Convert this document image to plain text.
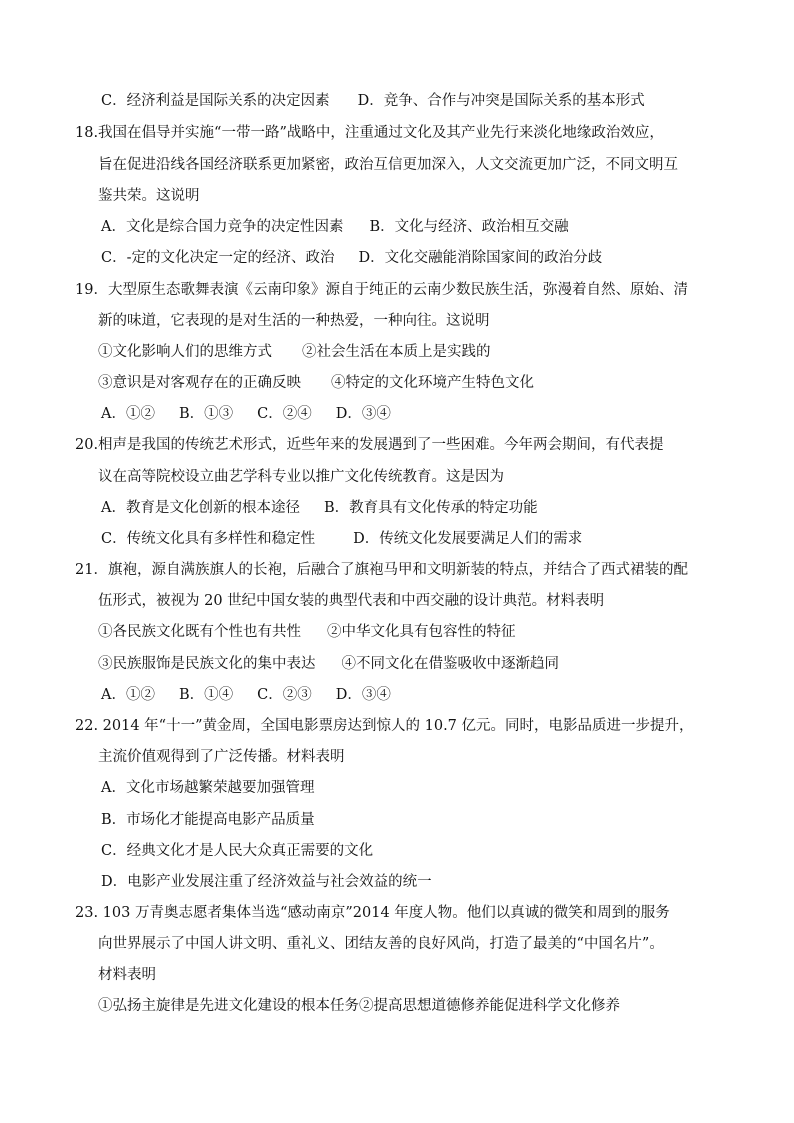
C．经济利益是国际关系的决定因素 D．竞争、合作与冲突是国际关系的基本形式
18.我国在倡导并实施“一带一路”战略中，注重通过文化及其产业先行来淡化地缘政治效应，
旨在促进沿线各国经济联系更加紧密，政治互信更加深入，人文交流更加广泛，不同文明互
鉴共荣。这说明
A．文化是综合国力竞争的决定性因素 B．文化与经济、政治相互交融
C．-定的文化决定一定的经济、政治 D．文化交融能消除国家间的政治分歧
19．大型原生态歌舞表演《云南印象》源自于纯正的云南少数民族生活，弥漫着自然、原始、清
新的味道，它表现的是对生活的一种热爱，一种向往。这说明
①文化影响人们的思维方式 ②社会生活在本质上是实践的
③意识是对客观存在的正确反映 ④特定的文化环境产生特色文化
A．①② B．①③ C．②④ D．③④
20.相声是我国的传统艺术形式，近些年来的发展遇到了一些困难。今年两会期间，有代表提
议在高等院校设立曲艺学科专业以推广文化传统教育。这是因为
A．教育是文化创新的根本途径 B．教育具有文化传承的特定功能
C．传统文化具有多样性和稳定性	D．传统文化发展要满足人们的需求
21．旗袍，源自满族旗人的长袍，后融合了旗袍马甲和文明新装的特点，并结合了西式裙装的配
伍形式，被视为 20 世纪中国女装的典型代表和中西交融的设计典范。材料表明
①各民族文化既有个性也有共性 ②中华文化具有包容性的特征
③民族服饰是民族文化的集中表达 ④不同文化在借鉴吸收中逐渐趋同
A．①② B．①④ C．②③ D．③④
22. 2014 年“十一”黄金周，全国电影票房达到惊人的 10.7 亿元。同时，电影品质进一步提升，
主流价值观得到了广泛传播。材料表明
A．文化市场越繁荣越要加强管理
B．市场化才能提高电影产品质量
C．经典文化才是人民大众真正需要的文化
D．电影产业发展注重了经济效益与社会效益的统一
23. 103 万青奥志愿者集体当选“感动南京”2014 年度人物。他们以真诚的微笑和周到的服务
向世界展示了中国人讲文明、重礼义、团结友善的良好风尚，打造了最美的“中国名片”。
材料表明
①弘扬主旋律是先进文化建设的根本任务②提高思想道德修养能促进科学文化修养
